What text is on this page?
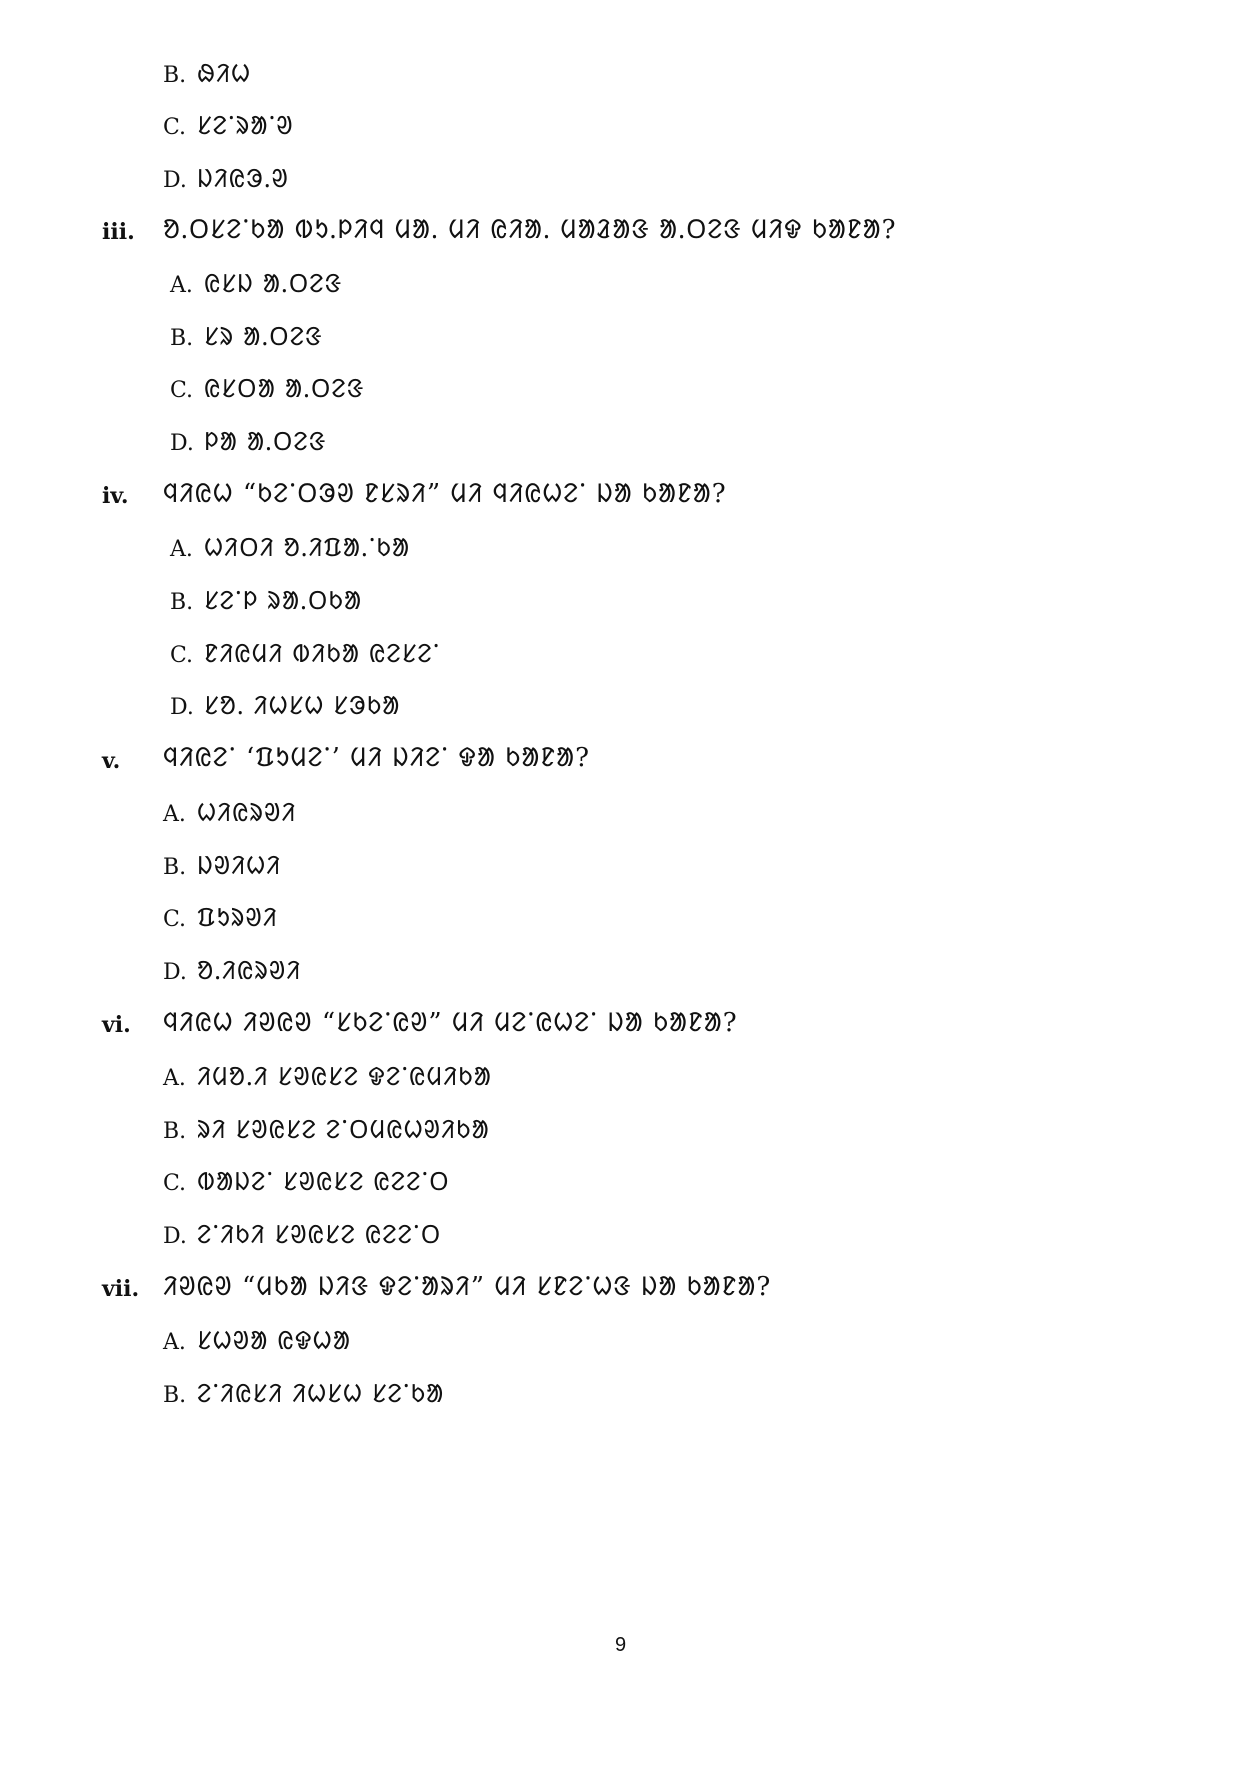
B. ᱷᱤᱦ
C. ᱥᱮᱸᱨᱟᱸᱣ
D. ᱡᱤᱭᱳᱹᱣ
iii. ᱚᱹᱛᱥᱮᱸᱠᱟ ᱵᱩᱹᱞᱤᱧ ᱢᱟᱹ ᱢᱤ ᱭᱤᱟᱹ ᱢᱟᱲᱟᱝ ᱟᱹᱛᱮᱝ ᱢᱤᱫ ᱠᱟᱱᱟ?
A. ᱭᱥᱡ ᱟᱹᱛᱮᱝ
B. ᱥᱨ ᱟᱹᱛᱮᱝ
C. ᱭᱥᱛᱟ ᱟᱹᱛᱮᱝ
D. ᱞᱟ ᱟᱹᱛᱮᱝ
iv. ᱧᱤᱭᱦ “ᱠᱮᱸᱛᱳᱣ ᱱᱥᱨᱤ” ᱢᱤ ᱧᱤᱭᱦᱮᱸ ᱡᱟ ᱠᱟᱱᱟ?
A. ᱦᱤᱛᱤ ᱚᱹᱤᱯᱟᱹᱸᱠᱟ
B. ᱥᱮᱸᱞ ᱨᱟᱹᱛᱠᱟ
C. ᱱᱤᱭᱢᱤ ᱵᱤᱠᱟ ᱭᱮᱥᱮᱸ
D. ᱥᱚᱹ ᱤᱦᱥᱦ ᱥᱳᱠᱟ
v. ᱧᱤᱭᱮᱸ ‘ᱯᱩᱢᱮᱸ’ ᱢᱤ ᱡᱤᱮᱸ ᱫᱟ ᱠᱟᱱᱟ?
A. ᱦᱤᱭᱨᱣᱤ
B. ᱡᱣᱤᱦᱤ
C. ᱯᱩᱨᱣᱤ
D. ᱚᱹᱤᱭᱨᱣᱤ
vi. ᱧᱤᱭᱦ ᱤᱣᱭᱣ “ᱥᱠᱮᱸᱭᱣ” ᱢᱤ ᱢᱮᱸᱭᱦᱮᱸ ᱡᱟ ᱠᱟᱱᱟ?
A. ᱤᱢᱚᱹᱤ ᱥᱣᱭᱥᱮ ᱫᱮᱸᱭᱢᱤᱠᱟ
B. ᱨᱤ ᱥᱣᱭᱥᱮ ᱮᱸᱛᱢᱭᱦᱣᱤᱠᱟ
C. ᱵᱟᱡᱮᱸ ᱥᱣᱭᱥᱮ ᱭᱮᱮᱸᱛ
D. ᱮᱸᱤᱠᱤ ᱥᱣᱭᱥᱮ ᱭᱮᱮᱸᱛ
vii. ᱤᱣᱭᱣ “ᱢᱠᱟ ᱡᱤᱝ ᱫᱮᱸᱟᱨᱤ” ᱢᱤ ᱥᱱᱮᱸᱦᱝ ᱡᱟ ᱠᱟᱱᱟ?
A. ᱥᱦᱣᱟ ᱭᱫᱦᱟ
B. ᱮᱸᱤᱭᱥᱤ ᱤᱦᱥᱦ ᱥᱮᱸᱠᱟ
9
